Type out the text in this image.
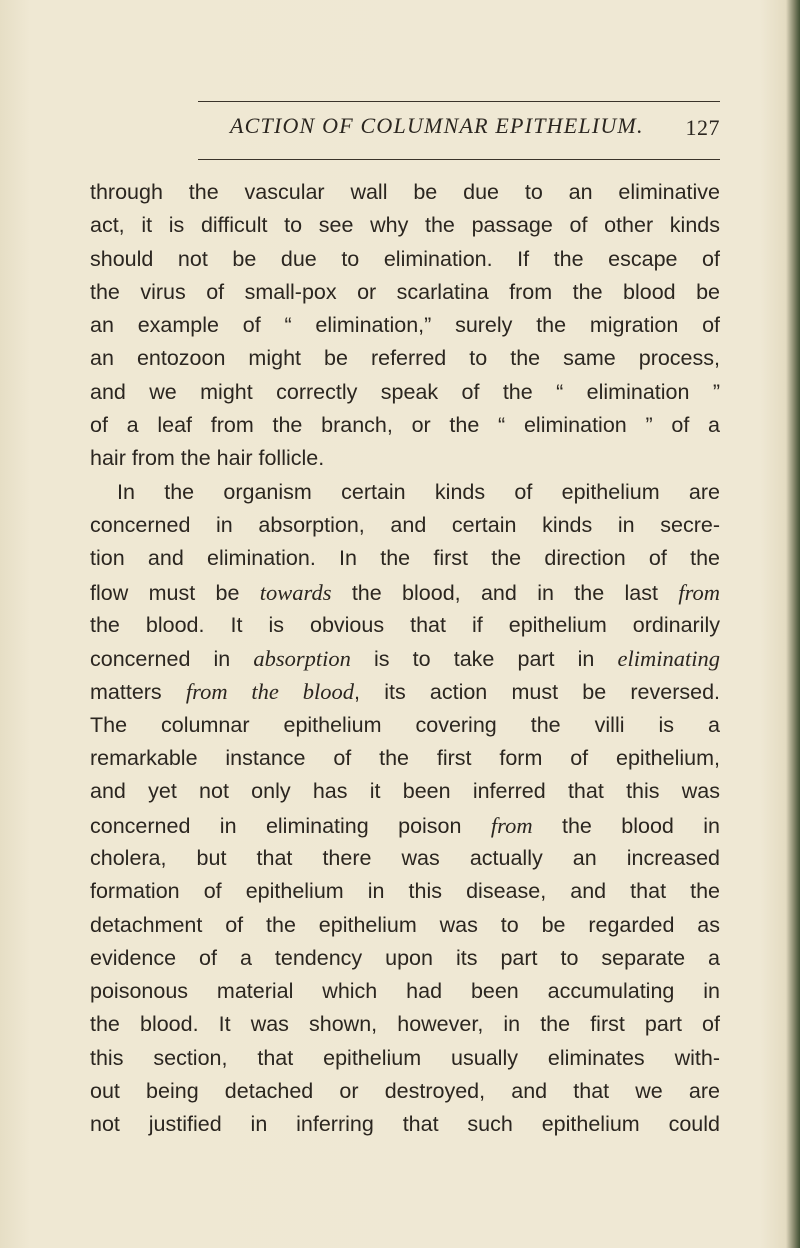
ACTION OF COLUMNAR EPITHELIUM. 127
through the vascular wall be due to an eliminative
act, it is difficult to see why the passage of other kinds
should not be due to elimination. If the escape of
the virus of small-pox or scarlatina from the blood be
an example of “ elimination,” surely the migration of
an entozoon might be referred to the same process,
and we might correctly speak of the “ elimination ”
of a leaf from the branch, or the “ elimination ” of a
hair from the hair follicle.
In the organism certain kinds of epithelium are
concerned in absorption, and certain kinds in secre-
tion and elimination. In the first the direction of the
flow must be towards the blood, and in the last from
the blood. It is obvious that if epithelium ordinarily
concerned in absorption is to take part in eliminating
matters from the blood, its action must be reversed.
The columnar epithelium covering the villi is a
remarkable instance of the first form of epithelium,
and yet not only has it been inferred that this was
concerned in eliminating poison from the blood in
cholera, but that there was actually an increased
formation of epithelium in this disease, and that the
detachment of the epithelium was to be regarded as
evidence of a tendency upon its part to separate a
poisonous material which had been accumulating in
the blood. It was shown, however, in the first part of
this section, that epithelium usually eliminates with-
out being detached or destroyed, and that we are
not justified in inferring that such epithelium could
